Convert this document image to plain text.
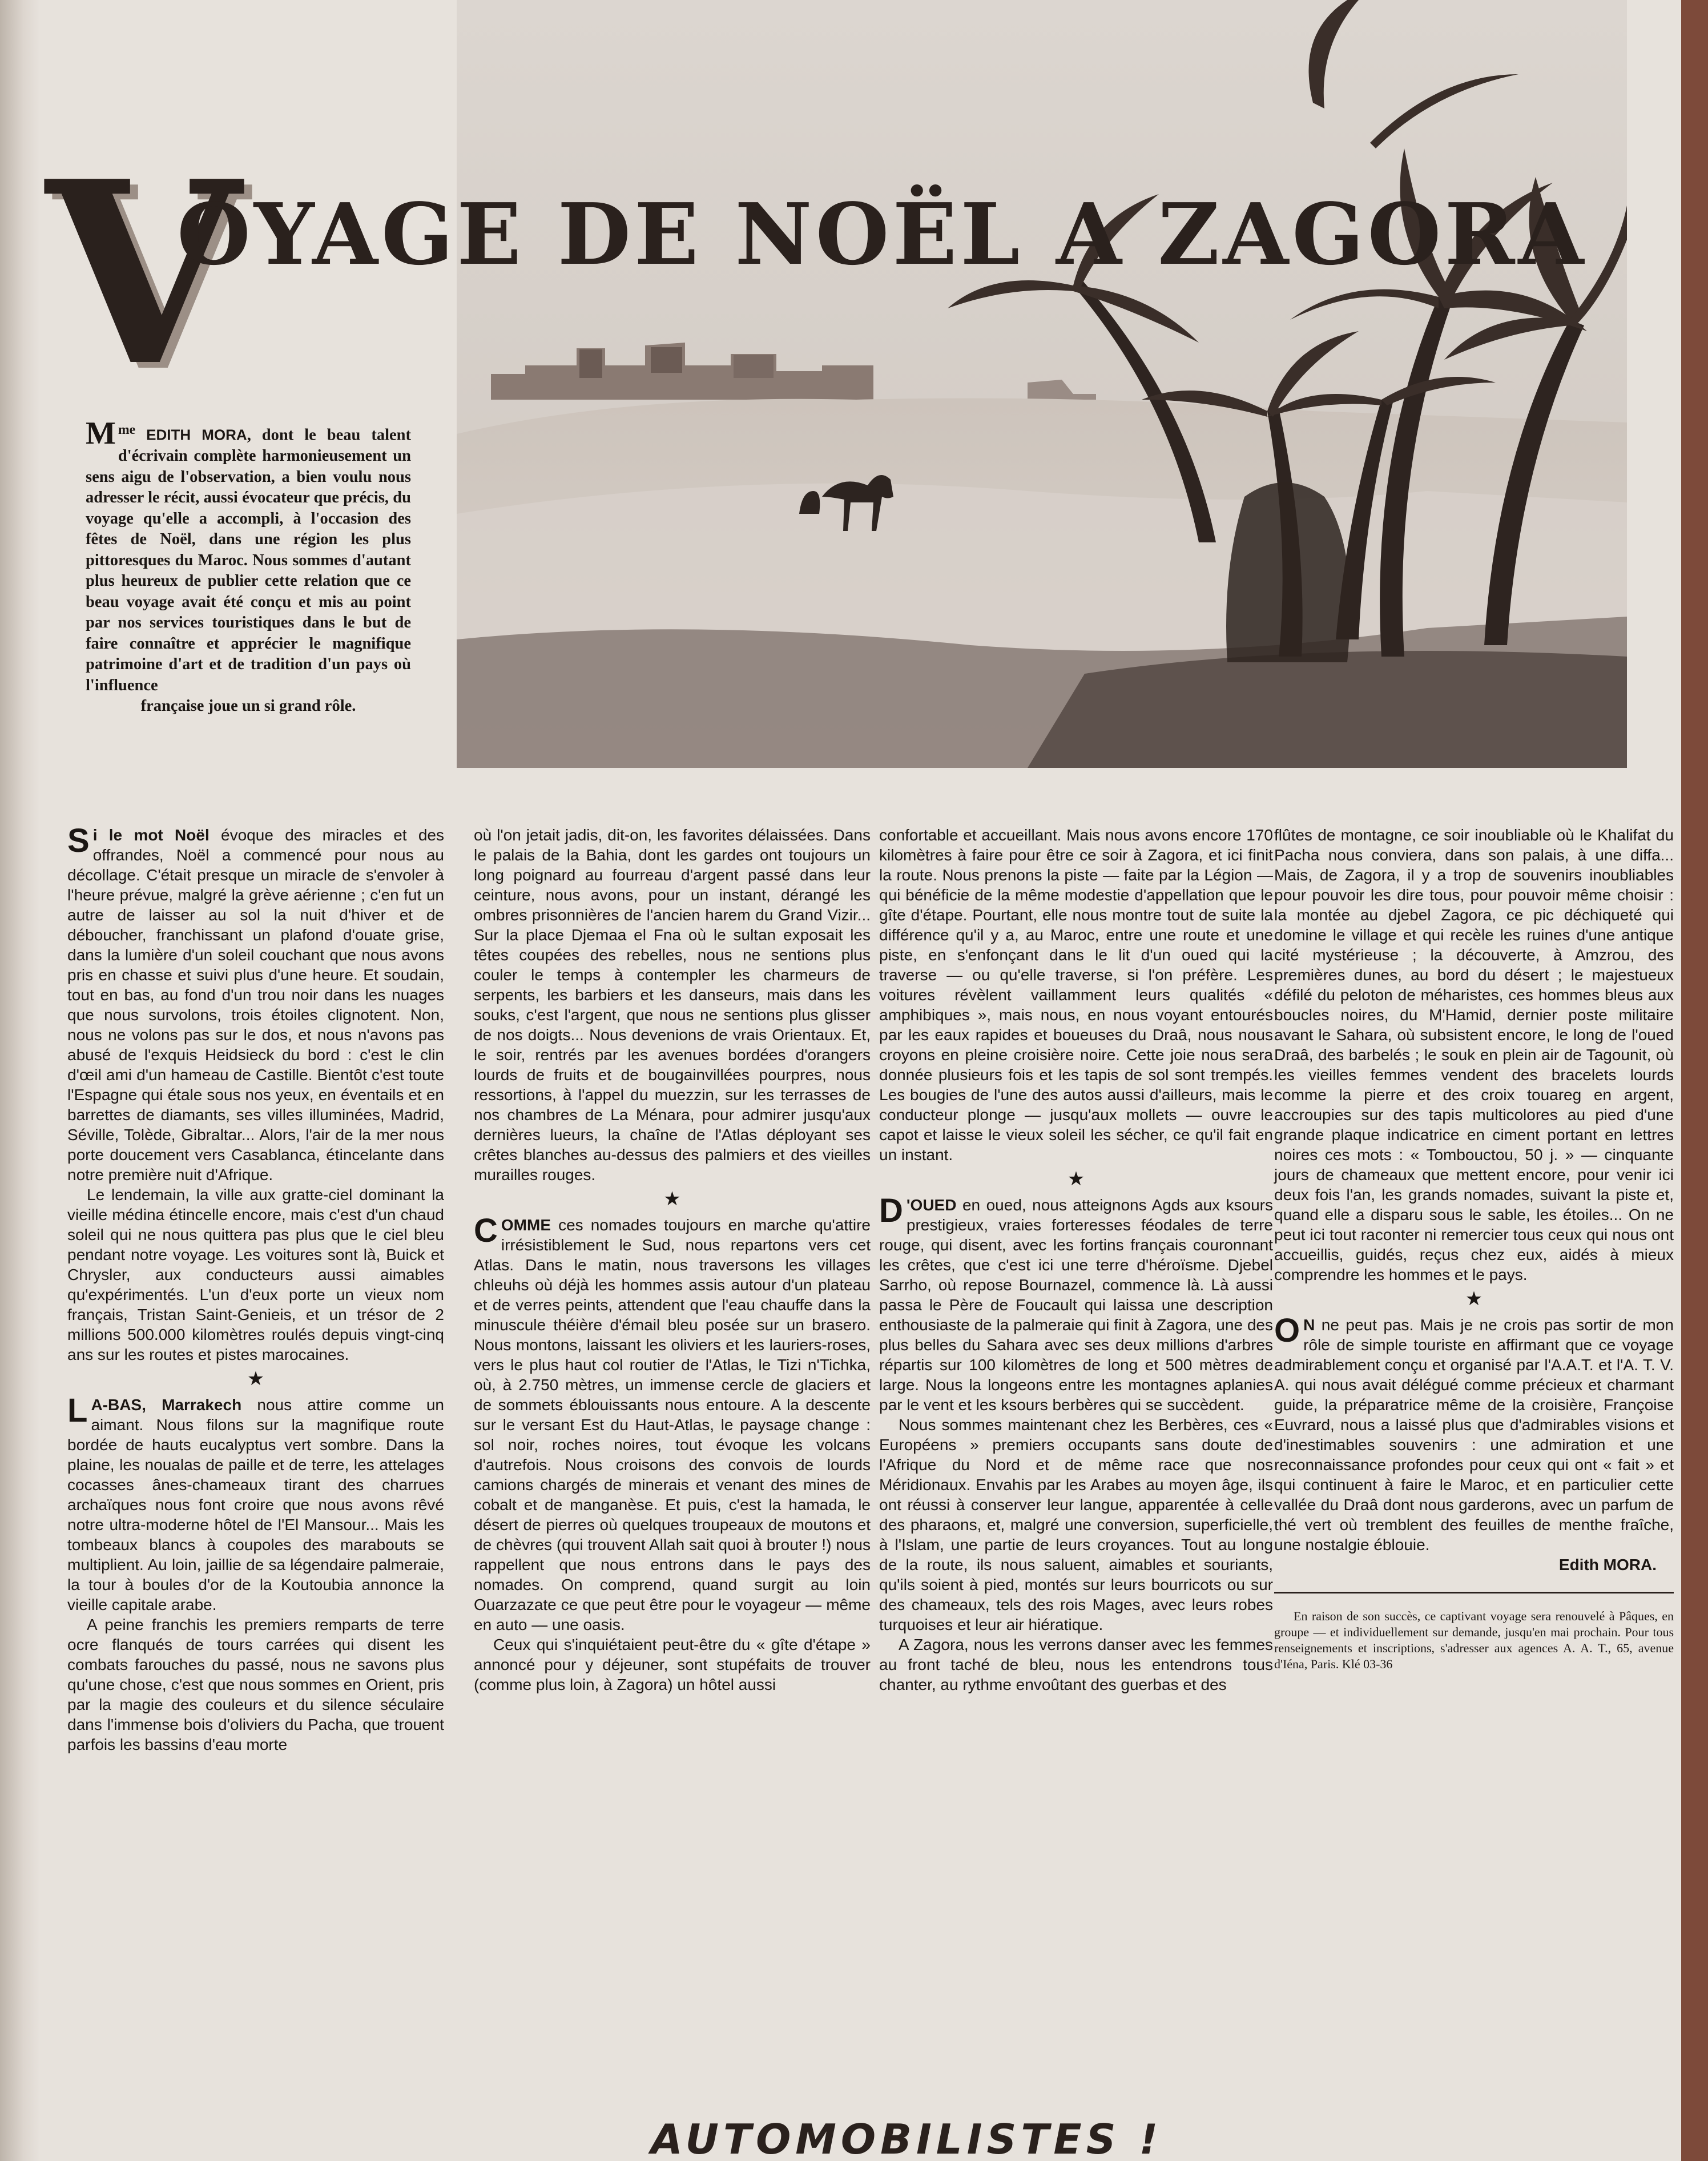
V
OYAGE DE NOËL A ZAGORA
M $^{me}$ EDITH MORA, dont le beau talent d'écrivain complète harmonieusement un sens aigu de l'observation, a bien voulu nous adresser le récit, aussi évocateur que précis, du voyage qu'elle a accompli, à l'occasion des fêtes de Noël, dans une région les plus pittoresques du Maroc. Nous sommes d'autant plus heureux de publier cette relation que ce beau voyage avait été conçu et mis au point par nos services touristiques dans le but de faire connaître et apprécier le magnifique patrimoine d'art et de tradition d'un pays où l'influence
française joue un si grand rôle.

Si le mot Noël évoque des miracles et des offrandes, Noël a commencé pour nous au décollage. C'était presque un miracle de s'envoler à l'heure prévue, malgré la grève aérienne ; c'en fut un autre de laisser au sol la nuit d'hiver et de déboucher, franchissant un plafond d'ouate grise, dans la lumière d'un soleil couchant que nous avons pris en chasse et suivi plus d'une heure. Et soudain, tout en bas, au fond d'un trou noir dans les nuages que nous survolons, trois étoiles clignotent. Non, nous ne volons pas sur le dos, et nous n'avons pas abusé de l'exquis Heidsieck du bord : c'est le clin d'œil ami d'un hameau de Castille. Bientôt c'est toute l'Espagne qui étale sous nos yeux, en éventails et en barrettes de diamants, ses villes illuminées, Madrid, Séville, Tolède, Gibraltar... Alors, l'air de la mer nous porte doucement vers Casablanca, étincelante dans notre première nuit d'Afrique.

Le lendemain, la ville aux gratte-ciel dominant la vieille médina étincelle encore, mais c'est d'un chaud soleil qui ne nous quittera pas plus que le ciel bleu pendant notre voyage. Les voitures sont là, Buick et Chrysler, aux conducteurs aussi aimables qu'expérimentés. L'un d'eux porte un vieux nom français, Tristan Saint-Genieis, et un trésor de 2 millions 500.000 kilomètres roulés depuis vingt-cinq ans sur les routes et pistes marocaines.

★

L A-BAS, Marrakech nous attire comme un aimant. Nous filons sur la magnifique route bordée de hauts eucalyptus vert sombre. Dans la plaine, les noualas de paille et de terre, les attelages cocasses ânes-chameaux tirant des charrues archaïques nous font croire que nous avons rêvé notre ultra-moderne hôtel de l'El Mansour... Mais les tombeaux blancs à coupoles des marabouts se multiplient. Au loin, jaillie de sa légendaire palmeraie, la tour à boules d'or de la Koutoubia annonce la vieille capitale arabe.

A peine franchis les premiers remparts de terre ocre flanqués de tours carrées qui disent les combats farouches du passé, nous ne savons plus qu'une chose, c'est que nous sommes en Orient, pris par la magie des couleurs et du silence séculaire dans l'immense bois d'oliviers du Pacha, que trouent parfois les bassins d'eau morte

où l'on jetait jadis, dit-on, les favorites délaissées. Dans le palais de la Bahia, dont les gardes ont toujours un long poignard au fourreau d'argent passé dans leur ceinture, nous avons, pour un instant, dérangé les ombres prisonnières de l'ancien harem du Grand Vizir... Sur la place Djemaa el Fna où le sultan exposait les têtes coupées des rebelles, nous ne sentions plus couler le temps à contempler les charmeurs de serpents, les barbiers et les danseurs, mais dans les souks, c'est l'argent, que nous ne sentions plus glisser de nos doigts... Nous devenions de vrais Orientaux. Et, le soir, rentrés par les avenues bordées d'orangers lourds de fruits et de bougainvillées pourpres, nous ressortions, à l'appel du muezzin, sur les terrasses de nos chambres de La Ménara, pour admirer jusqu'aux dernières lueurs, la chaîne de l'Atlas déployant ses crêtes blanches au-dessus des palmiers et des vieilles murailles rouges.

★

COMME ces nomades toujours en marche qu'attire irrésistiblement le Sud, nous repartons vers cet Atlas. Dans le matin, nous traversons les villages chleuhs où déjà les hommes assis autour d'un plateau et de verres peints, attendent que l'eau chauffe dans la minuscule théière d'émail bleu posée sur un brasero. Nous montons, laissant les oliviers et les lauriers-roses, vers le plus haut col routier de l'Atlas, le Tizi n'Tichka, où, à 2.750 mètres, un immense cercle de glaciers et de sommets éblouissants nous entoure. A la descente sur le versant Est du Haut-Atlas, le paysage change : sol noir, roches noires, tout évoque les volcans d'autrefois. Nous croisons des convois de lourds camions chargés de minerais et venant des mines de cobalt et de manganèse. Et puis, c'est la hamada, le désert de pierres où quelques troupeaux de moutons et de chèvres (qui trouvent Allah sait quoi à brouter !) nous rappellent que nous entrons dans le pays des nomades. On comprend, quand surgit au loin Ouarzazate ce que peut être pour le voyageur — même en auto — une oasis.

Ceux qui s'inquiétaient peut-être du « gîte d'étape » annoncé pour y déjeuner, sont stupéfaits de trouver (comme plus loin, à Zagora) un hôtel aussi

confortable et accueillant. Mais nous avons encore 170 kilomètres à faire pour être ce soir à Zagora, et ici finit la route. Nous prenons la piste — faite par la Légion — qui bénéficie de la même modestie d'appellation que le gîte d'étape. Pourtant, elle nous montre tout de suite la différence qu'il y a, au Maroc, entre une route et une piste, en s'enfonçant dans le lit d'un oued qui la traverse — ou qu'elle traverse, si l'on préfère. Les voitures révèlent vaillamment leurs qualités « amphibiques », mais nous, en nous voyant entourés par les eaux rapides et boueuses du Draâ, nous nous croyons en pleine croisière noire. Cette joie nous sera donnée plusieurs fois et les tapis de sol sont trempés. Les bougies de l'une des autos aussi d'ailleurs, mais le conducteur plonge — jusqu'aux mollets — ouvre le capot et laisse le vieux soleil les sécher, ce qu'il fait en un instant.

★

D 'OUED en oued, nous atteignons Agds aux ksours prestigieux, vraies forteresses féodales de terre rouge, qui disent, avec les fortins français couronnant les crêtes, que c'est ici une terre d'héroïsme. Djebel Sarrho, où repose Bournazel, commence là. Là aussi passa le Père de Foucault qui laissa une description enthousiaste de la palmeraie qui finit à Zagora, une des plus belles du Sahara avec ses deux millions d'arbres répartis sur 100 kilomètres de long et 500 mètres de large. Nous la longeons entre les montagnes aplanies par le vent et les ksours berbères qui se succèdent.

Nous sommes maintenant chez les Berbères, ces « Européens » premiers occupants sans doute de l'Afrique du Nord et de même race que nos Méridionaux. Envahis par les Arabes au moyen âge, ils ont réussi à conserver leur langue, apparentée à celle des pharaons, et, malgré une conversion, superficielle, à l'Islam, une partie de leurs croyances. Tout au long de la route, ils nous saluent, aimables et souriants, qu'ils soient à pied, montés sur leurs bourricots ou sur des chameaux, tels des rois Mages, avec leurs robes turquoises et leur air hiératique.

A Zagora, nous les verrons danser avec les femmes au front taché de bleu, nous les entendrons tous chanter, au rythme envoûtant des guerbas et des

flûtes de montagne, ce soir inoubliable où le Khalifat du Pacha nous conviera, dans son palais, à une diffa... Mais, de Zagora, il y a trop de souvenirs inoubliables pour pouvoir les dire tous, pour pouvoir même choisir : la montée au djebel Zagora, ce pic déchiqueté qui domine le village et qui recèle les ruines d'une antique cité mystérieuse ; la découverte, à Amzrou, des premières dunes, au bord du désert ; le majestueux défilé du peloton de méharistes, ces hommes bleus aux boucles noires, du M'Hamid, dernier poste militaire avant le Sahara, où subsistent encore, le long de l'oued Draâ, des barbelés ; le souk en plein air de Tagounit, où les vieilles femmes vendent des bracelets lourds comme la pierre et des croix touareg en argent, accroupies sur des tapis multicolores au pied d'une grande plaque indicatrice en ciment portant en lettres noires ces mots : « Tombouctou, 50 j. » — cinquante jours de chameaux que mettent encore, pour venir ici deux fois l'an, les grands nomades, suivant la piste et, quand elle a disparu sous le sable, les étoiles... On ne peut ici tout raconter ni remercier tous ceux qui nous ont accueillis, guidés, reçus chez eux, aidés à mieux comprendre les hommes et le pays.

★

O N ne peut pas. Mais je ne crois pas sortir de mon rôle de simple touriste en affirmant que ce voyage admirablement conçu et organisé par l'A.A.T. et l'A. T. V. A. qui nous avait délégué comme précieux et charmant guide, la préparatrice même de la croisière, Françoise Euvrard, nous a laissé plus que d'admirables visions et d'inestimables souvenirs : une admiration et une reconnaissance profondes pour ceux qui ont « fait » et qui continuent à faire le Maroc, et en particulier cette vallée du Draâ dont nous garderons, avec un parfum de thé vert où tremblent des feuilles de menthe fraîche, une nostalgie éblouie.

Edith MORA.

En raison de son succès, ce captivant voyage sera renouvelé à Pâques, en groupe — et individuellement sur demande, jusqu'en mai prochain. Pour tous renseignements et inscriptions, s'adresser aux agences A. A. T., 65, avenue d'Iéna, Paris. Klé 03-36

AUTOMOBILISTES !
